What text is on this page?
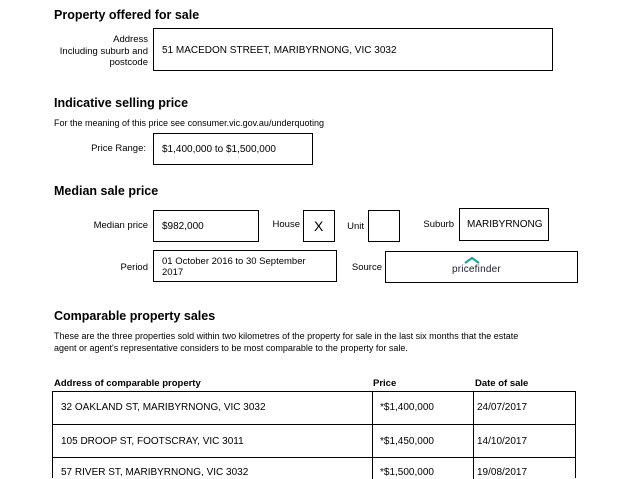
Property offered for sale
Address
Including suburb and
postcode
51 MACEDON STREET, MARIBYRNONG, VIC 3032
Indicative selling price
For the meaning of this price see consumer.vic.gov.au/underquoting
Price Range: $1,400,000 to $1,500,000
Median sale price
Median price $982,000	House X	Unit	Suburb MARIBYRNONG
Period
01 October 2016 to 30 September
2017	Source	pricefinder
Comparable property sales
These are the three properties sold within two kilometres of the property for sale in the last six months that the estate
agent or agent's representative considers to be most comparable to the property for sale.
Address of comparable property	Price	Date of sale
32 OAKLAND ST, MARIBYRNONG, VIC 3032	*$1,400,000	24/07/2017
105 DROOP ST, FOOTSCRAY, VIC 3011	*$1,450,000	14/10/2017
57 RIVER ST, MARIBYRNONG, VIC 3032	*$1,500,000	19/08/2017
